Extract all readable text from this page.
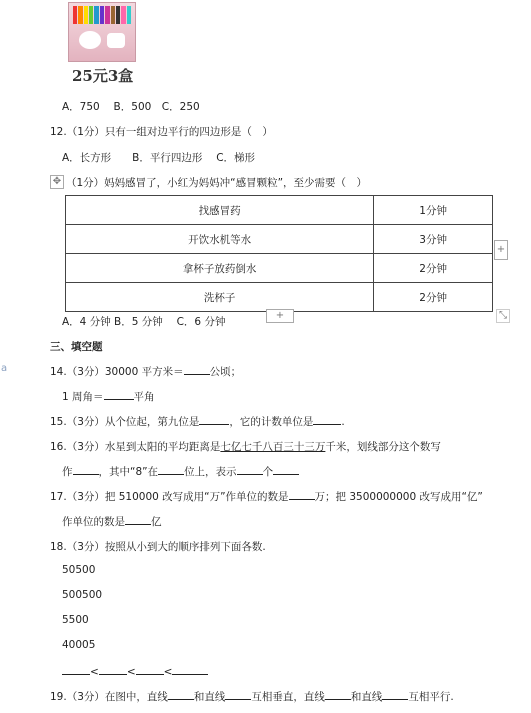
25元3盒
A．750　 B．500　C．250
12.（1分）只有一组对边平行的四边形是（　）
A．长方形　　B．平行四边形　 C．梯形
✥ （1分）妈妈感冒了，小红为妈妈冲“感冒颗粒”，至少需要（　）
找感冒药	1分钟
开饮水机等水	3分钟
拿杯子放药倒水	2分钟
洗杯子	2分钟
+
+	⤡
a
A．4 分钟 B．5 分钟　 C．6 分钟
三、填空题
14.（3分）30000 平方米＝ 公顷；
1 周角＝	平角
15.（3分）从个位起，第九位是	，它的计数单位是	.
16.（3分）水星到太阳的平均距离是七亿七千八百三十三万千米，划线部分这个数写
作 ，其中“8”在 位上，表示 个
17.（3分）把 510000 改写成用“万”作单位的数是 万；把 3500000000 改写成用“亿”
作单位的数是 亿
18.（3分）按照从小到大的顺序排列下面各数.
50500
500500
5500
40005
<	<	<
19.（3分）在图中，直线 和直线 互相垂直，直线 和直线 互相平行.
